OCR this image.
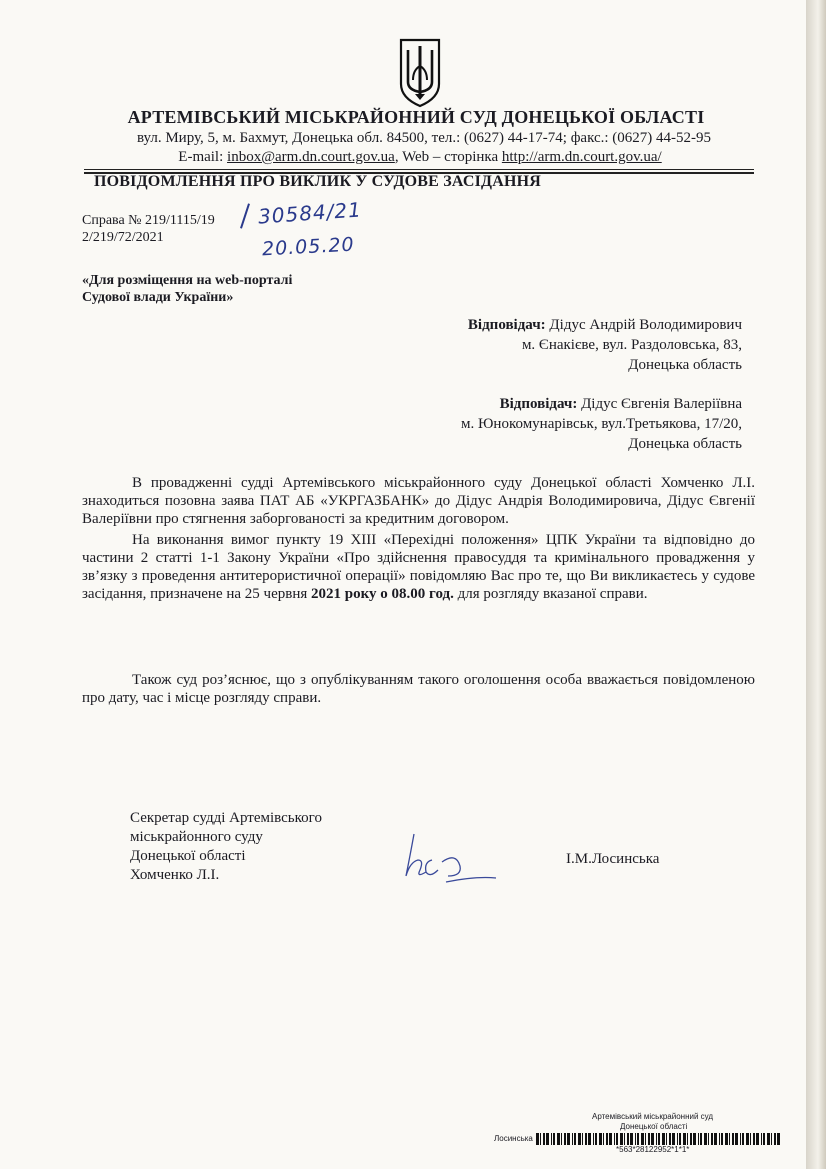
АРТЕМІВСЬКИЙ МІСЬКРАЙОННИЙ СУД ДОНЕЦЬКОЇ ОБЛАСТІ
вул. Миру, 5, м. Бахмут, Донецька обл. 84500, тел.: (0627) 44-17-74; факс.: (0627) 44-52-95
E-mail: inbox@arm.dn.court.gov.ua, Web – сторінка http://arm.dn.court.gov.ua/
ПОВІДОМЛЕННЯ ПРО ВИКЛИК У СУДОВЕ ЗАСІДАННЯ
Справа № 219/1115/19
2/219/72/2021
30584/21
20.05.20
«Для розміщення на web-порталі
Судової влади України»
Відповідач: Дідус Андрій Володимирович
м. Єнакієве, вул. Раздоловська, 83,
Донецька область
Відповідач: Дідус Євгенія Валеріївна
м. Юнокомунарівськ, вул.Третьякова, 17/20,
Донецька область
В провадженні судді Артемівського міськрайонного суду Донецької області Хомченко Л.І. знаходиться позовна заява ПАТ АБ «УКРГАЗБАНК» до Дідус Андрія Володимировича, Дідус Євгенії Валеріївни про стягнення заборгованості за кредитним договором.
На виконання вимог пункту 19 ХІІІ «Перехідні положення» ЦПК України та відповідно до частини 2 статті 1-1 Закону України «Про здійснення правосуддя та кримінального провадження у зв’язку з проведення антитерористичної операції» повідомляю Вас про те, що Ви викликаєтесь у судове засідання, призначене на 25 червня 2021 року о 08.00 год. для розгляду вказаної справи.
Також суд роз’яснює, що з опублікуванням такого оголошення особа вважається повідомленою про дату, час і місце розгляду справи.
Секретар судді Артемівського
міськрайонного суду
Донецької області
Хомченко Л.І.
І.М.Лосинська
Артемівський міськрайонний суд
Донецької області
Лосинська
*563*28122952*1*1*
